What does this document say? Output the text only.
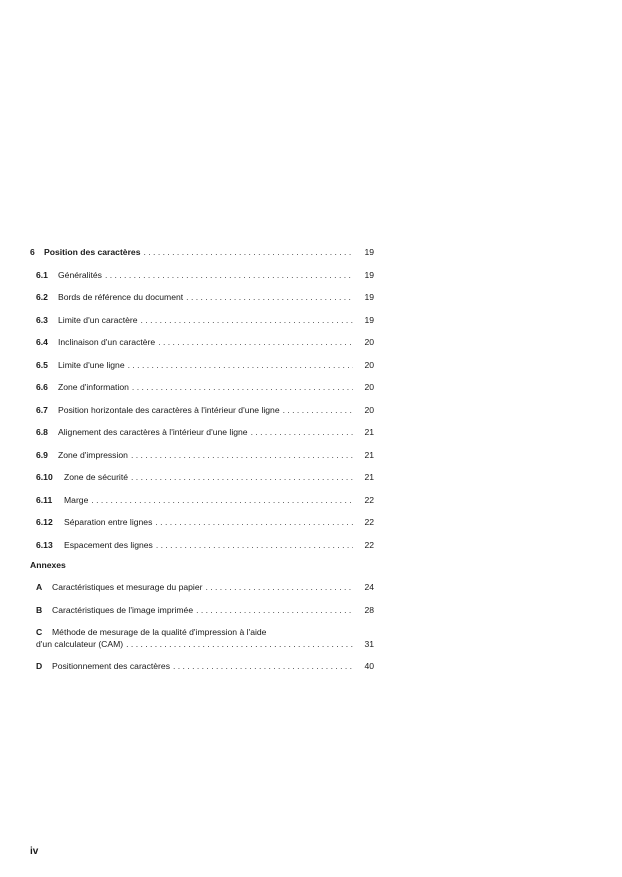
6	Position des caractères . . .	19
6.1	Généralités . . .	19
6.2	Bords de référence du document . . .	19
6.3	Limite d'un caractère . . .	19
6.4	Inclinaison d'un caractère . . .	20
6.5	Limite d'une ligne . . .	20
6.6	Zone d'information . . .	20
6.7	Position horizontale des caractères à l'intérieur d'une ligne . . .	20
6.8	Alignement des caractères à l'intérieur d'une ligne . . .	21
6.9	Zone d'impression . . .	21
6.10	Zone de sécurité . . .	21
6.11	Marge . . .	22
6.12	Séparation entre lignes . . .	22
6.13	Espacement des lignes . . .	22
Annexes
A	Caractéristiques et mesurage du papier . . .	24
B	Caractéristiques de l'image imprimée . . .	28
C	Méthode de mesurage de la qualité d'impression à l'aide
d'un calculateur (CAM) . . .	31
D	Positionnement des caractères . . .	40
iv
